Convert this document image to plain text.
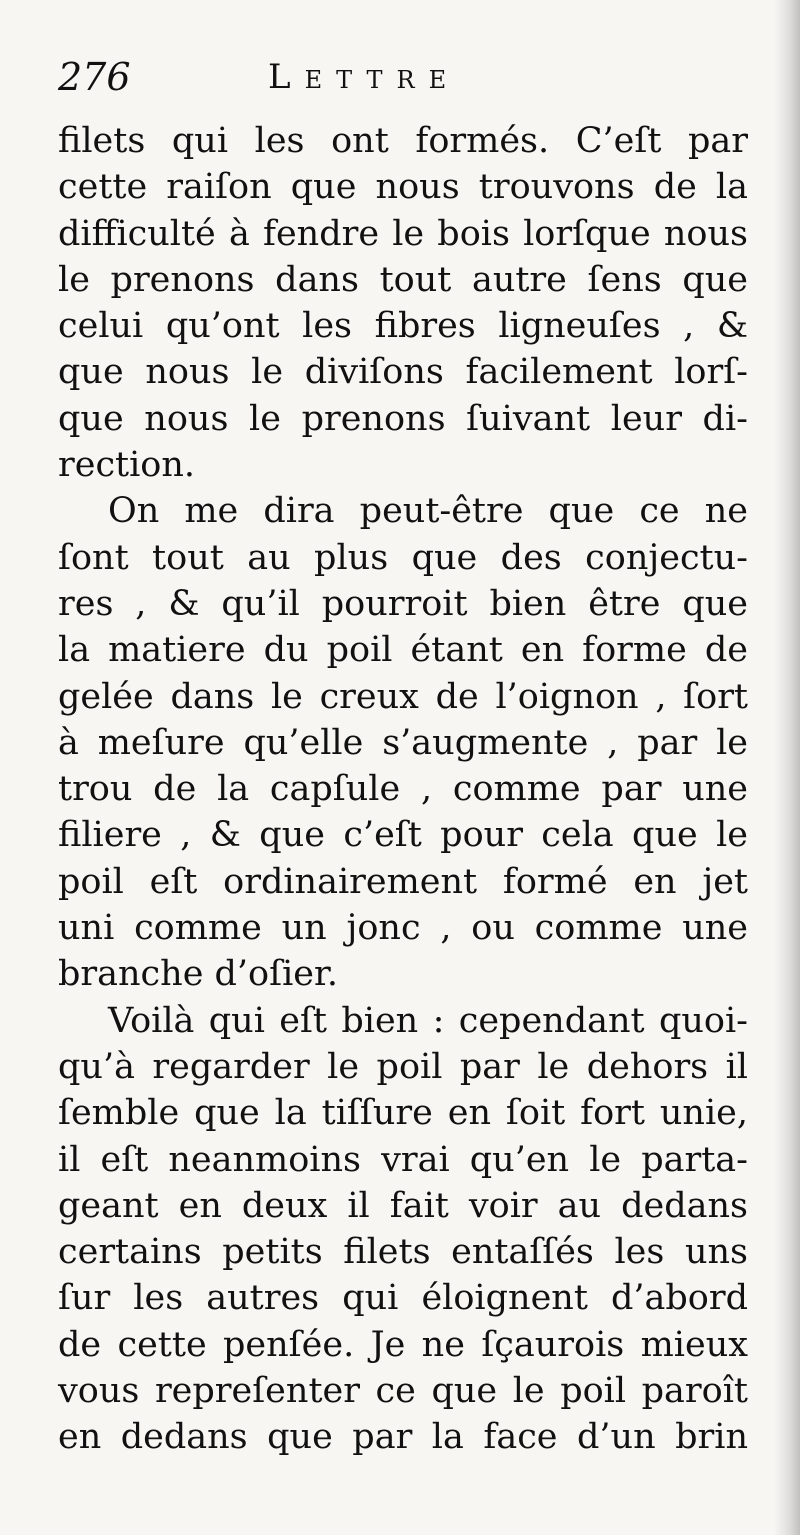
276	Lettre
filets qui les ont formés. C’eſt par
cette raiſon que nous trouvons de la
difficulté à fendre le bois lorſque nous
le prenons dans tout autre ſens que
celui qu’ont les fibres ligneuſes , &
que nous le diviſons facilement lorſ-
que nous le prenons ſuivant leur di-
rection.
On me dira peut-être que ce ne
ſont tout au plus que des conjectu-
res , & qu’il pourroit bien être que
la matiere du poil étant en forme de
gelée dans le creux de l’oignon , ſort
à meſure qu’elle s’augmente , par le
trou de la capſule , comme par une
filiere , & que c’eſt pour cela que le
poil eſt ordinairement formé en jet
uni comme un jonc , ou comme une
branche d’oſier.
Voilà qui eſt bien : cependant quoi-
qu’à regarder le poil par le dehors il
ſemble que la tiſſure en ſoit fort unie,
il eſt neanmoins vrai qu’en le parta-
geant en deux il fait voir au dedans
certains petits filets entaſſés les uns
ſur les autres qui éloignent d’abord
de cette penſée. Je ne ſçaurois mieux
vous repreſenter ce que le poil paroît
en dedans que par la face d’un brin
